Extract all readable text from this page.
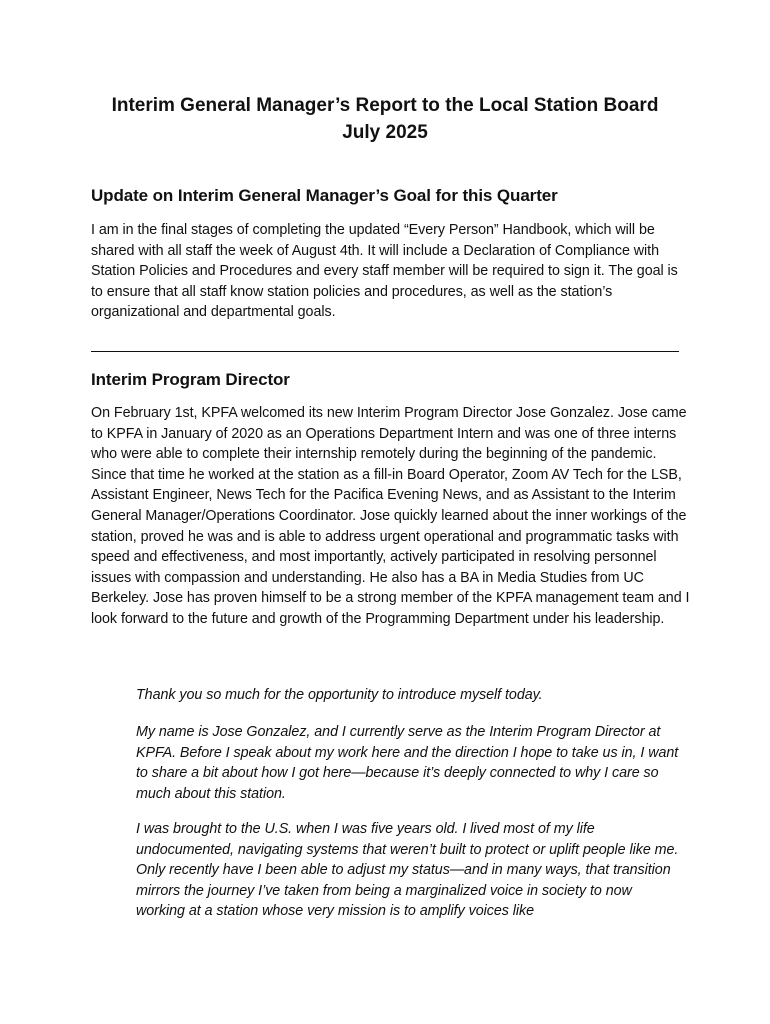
Interim General Manager’s Report to the Local Station Board
July 2025
Update on Interim General Manager’s Goal for this Quarter

I am in the final stages of completing the updated “Every Person” Handbook, which will be shared with all staff the week of August 4th. It will include a Declaration of Compliance with Station Policies and Procedures and every staff member will be required to sign it. The goal is to ensure that all staff know station policies and procedures, as well as the station’s organizational and departmental goals.

Interim Program Director

On February 1st, KPFA welcomed its new Interim Program Director Jose Gonzalez. Jose came to KPFA in January of 2020 as an Operations Department Intern and was one of three interns who were able to complete their internship remotely during the beginning of the pandemic. Since that time he worked at the station as a fill-in Board Operator, Zoom AV Tech for the LSB, Assistant Engineer, News Tech for the Pacifica Evening News, and as Assistant to the Interim General Manager/Operations Coordinator. Jose quickly learned about the inner workings of the station, proved he was and is able to address urgent operational and programmatic tasks with speed and effectiveness, and most importantly, actively participated in resolving personnel issues with compassion and understanding. He also has a BA in Media Studies from UC Berkeley. Jose has proven himself to be a strong member of the KPFA management team and I look forward to the future and growth of the Programming Department under his leadership.

Thank you so much for the opportunity to introduce myself today.

My name is Jose Gonzalez, and I currently serve as the Interim Program Director at KPFA. Before I speak about my work here and the direction I hope to take us in, I want to share a bit about how I got here—because it’s deeply connected to why I care so much about this station.

I was brought to the U.S. when I was five years old. I lived most of my life undocumented, navigating systems that weren’t built to protect or uplift people like me. Only recently have I been able to adjust my status—and in many ways, that transition mirrors the journey I’ve taken from being a marginalized voice in society to now working at a station whose very mission is to amplify voices like
